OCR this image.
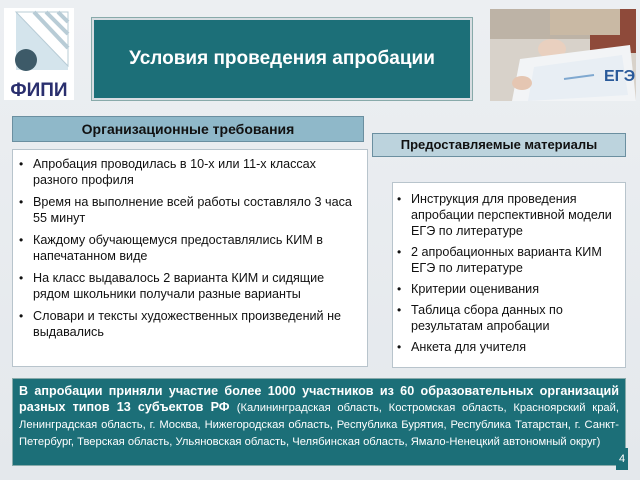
ФИПИ
Условия проведения апробации
ЕГЭ
Организационные требования
Предоставляемые материалы
• Апробация проводилась в 10-х или 11-х классах разного профиля
• Время на выполнение всей работы составляло 3 часа 55 минут
• Каждому обучающемуся предоставлялись КИМ в напечатанном виде
• На класс выдавалось 2 варианта КИМ и сидящие рядом школьники получали разные варианты
• Словари и тексты художественных произведений не выдавались
• Инструкция для проведения апробации перспективной модели ЕГЭ по литературе
• 2 апробационных варианта КИМ ЕГЭ по литературе
• Критерии оценивания
• Таблица сбора данных по результатам апробации
• Анкета для учителя
В апробации приняли участие более 1000 участников из 60 образовательных организаций разных типов 13 субъектов РФ (Калининградская область, Костромская область, Красноярский край, Ленинградская область, г. Москва, Нижегородская область, Республика Бурятия, Республика Татарстан, г. Санкт-Петербург, Тверская область, Ульяновская область, Челябинская область, Ямало-Ненецкий автономный округ)
4
